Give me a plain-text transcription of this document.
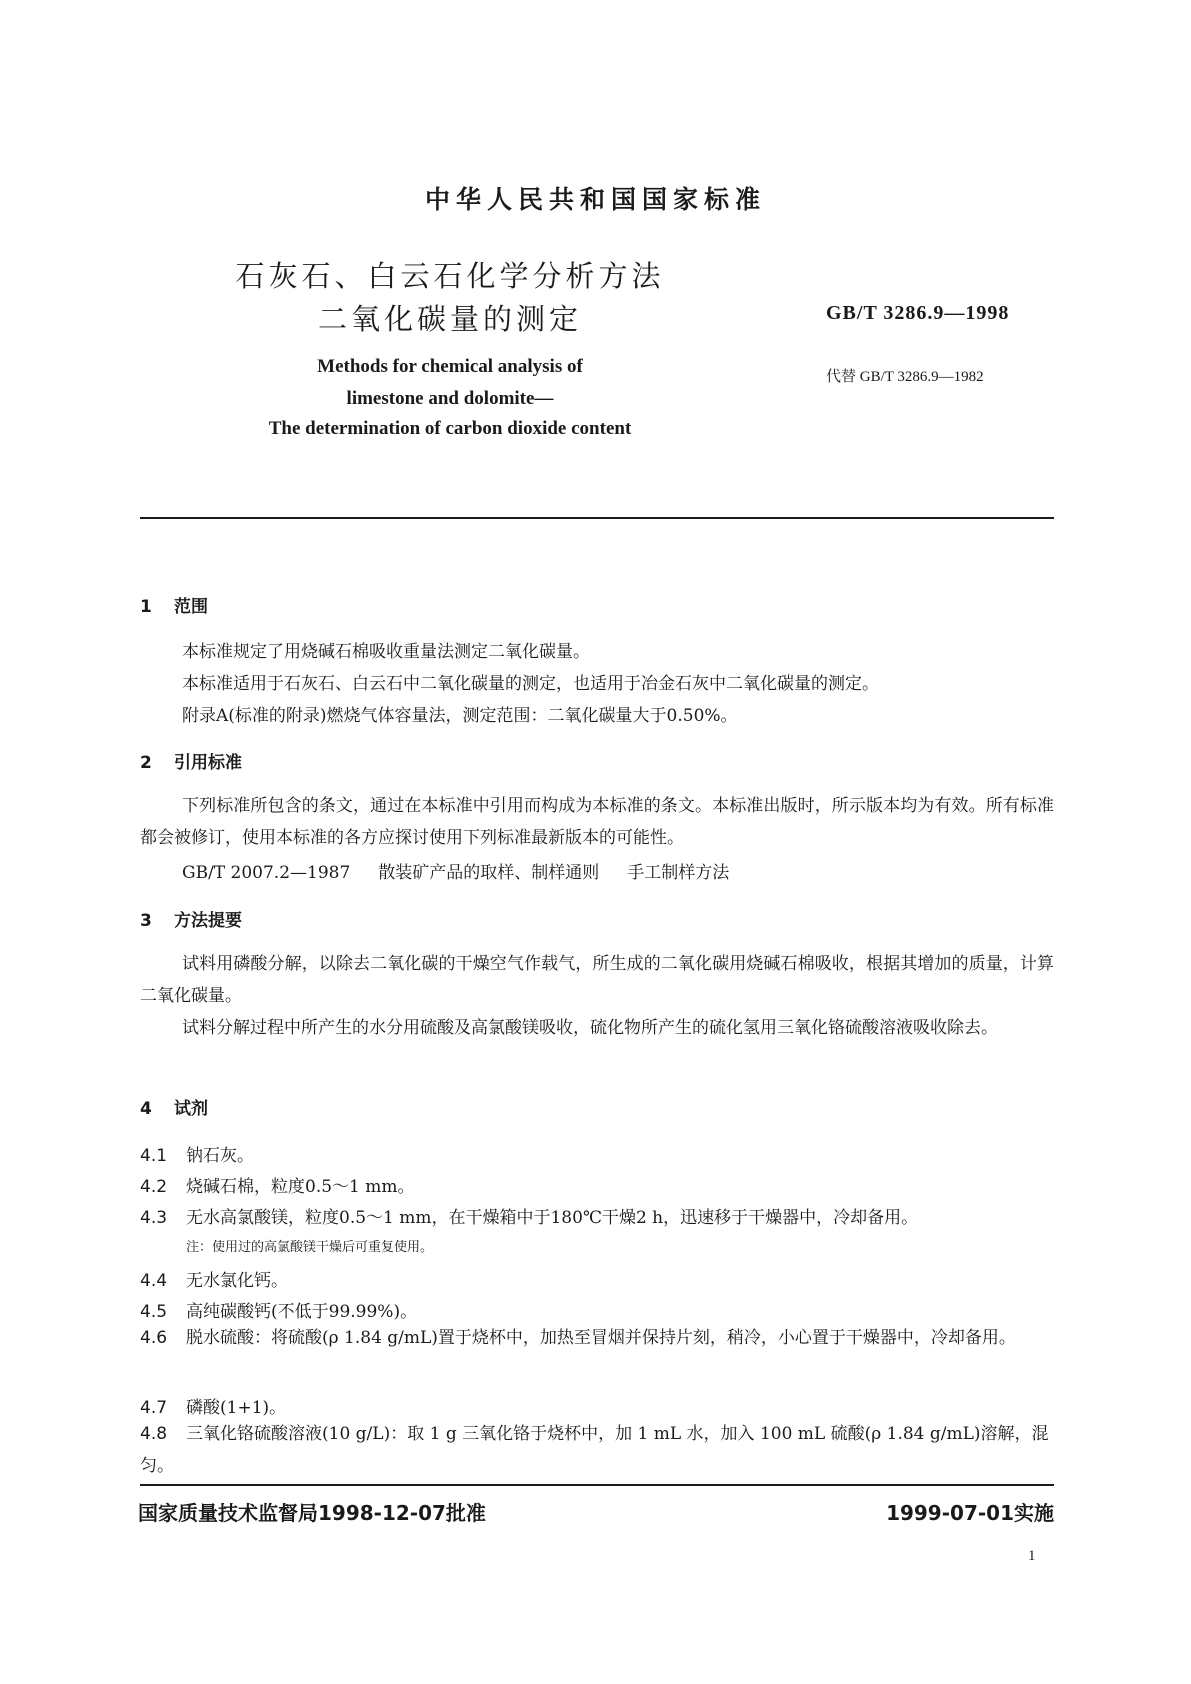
中华人民共和国国家标准
石灰石、白云石化学分析方法
二氧化碳量的测定
Methods for chemical analysis of
limestone and dolomite—
The determination of carbon dioxide content
GB/T 3286.9—1998
代替 GB/T 3286.9—1982
1 范围
本标准规定了用烧碱石棉吸收重量法测定二氧化碳量。
本标准适用于石灰石、白云石中二氧化碳量的测定，也适用于冶金石灰中二氧化碳量的测定。
附录A(标准的附录)燃烧气体容量法，测定范围：二氧化碳量大于0.50%。
2 引用标准
下列标准所包含的条文，通过在本标准中引用而构成为本标准的条文。本标准出版时，所示版本均为有效。所有标准都会被修订，使用本标准的各方应探讨使用下列标准最新版本的可能性。
GB/T 2007.2—1987 散装矿产品的取样、制样通则 手工制样方法
3 方法提要
试料用磷酸分解，以除去二氧化碳的干燥空气作载气，所生成的二氧化碳用烧碱石棉吸收，根据其增加的质量，计算二氧化碳量。
试料分解过程中所产生的水分用硫酸及高氯酸镁吸收，硫化物所产生的硫化氢用三氧化铬硫酸溶液吸收除去。
4 试剂
4.1 钠石灰。
4.2 烧碱石棉，粒度0.5～1 mm。
4.3 无水高氯酸镁，粒度0.5～1 mm，在干燥箱中于180℃干燥2 h，迅速移于干燥器中，冷却备用。
注：使用过的高氯酸镁干燥后可重复使用。
4.4 无水氯化钙。
4.5 高纯碳酸钙(不低于99.99%)。
4.6 脱水硫酸：将硫酸(ρ 1.84 g/mL)置于烧杯中，加热至冒烟并保持片刻，稍冷，小心置于干燥器中，冷却备用。
4.7 磷酸(1+1)。
4.8 三氧化铬硫酸溶液(10 g/L)：取 1 g 三氧化铬于烧杯中，加 1 mL 水，加入 100 mL 硫酸(ρ 1.84 g/mL)溶解，混匀。
国家质量技术监督局1998-12-07批准	1999-07-01实施
1
